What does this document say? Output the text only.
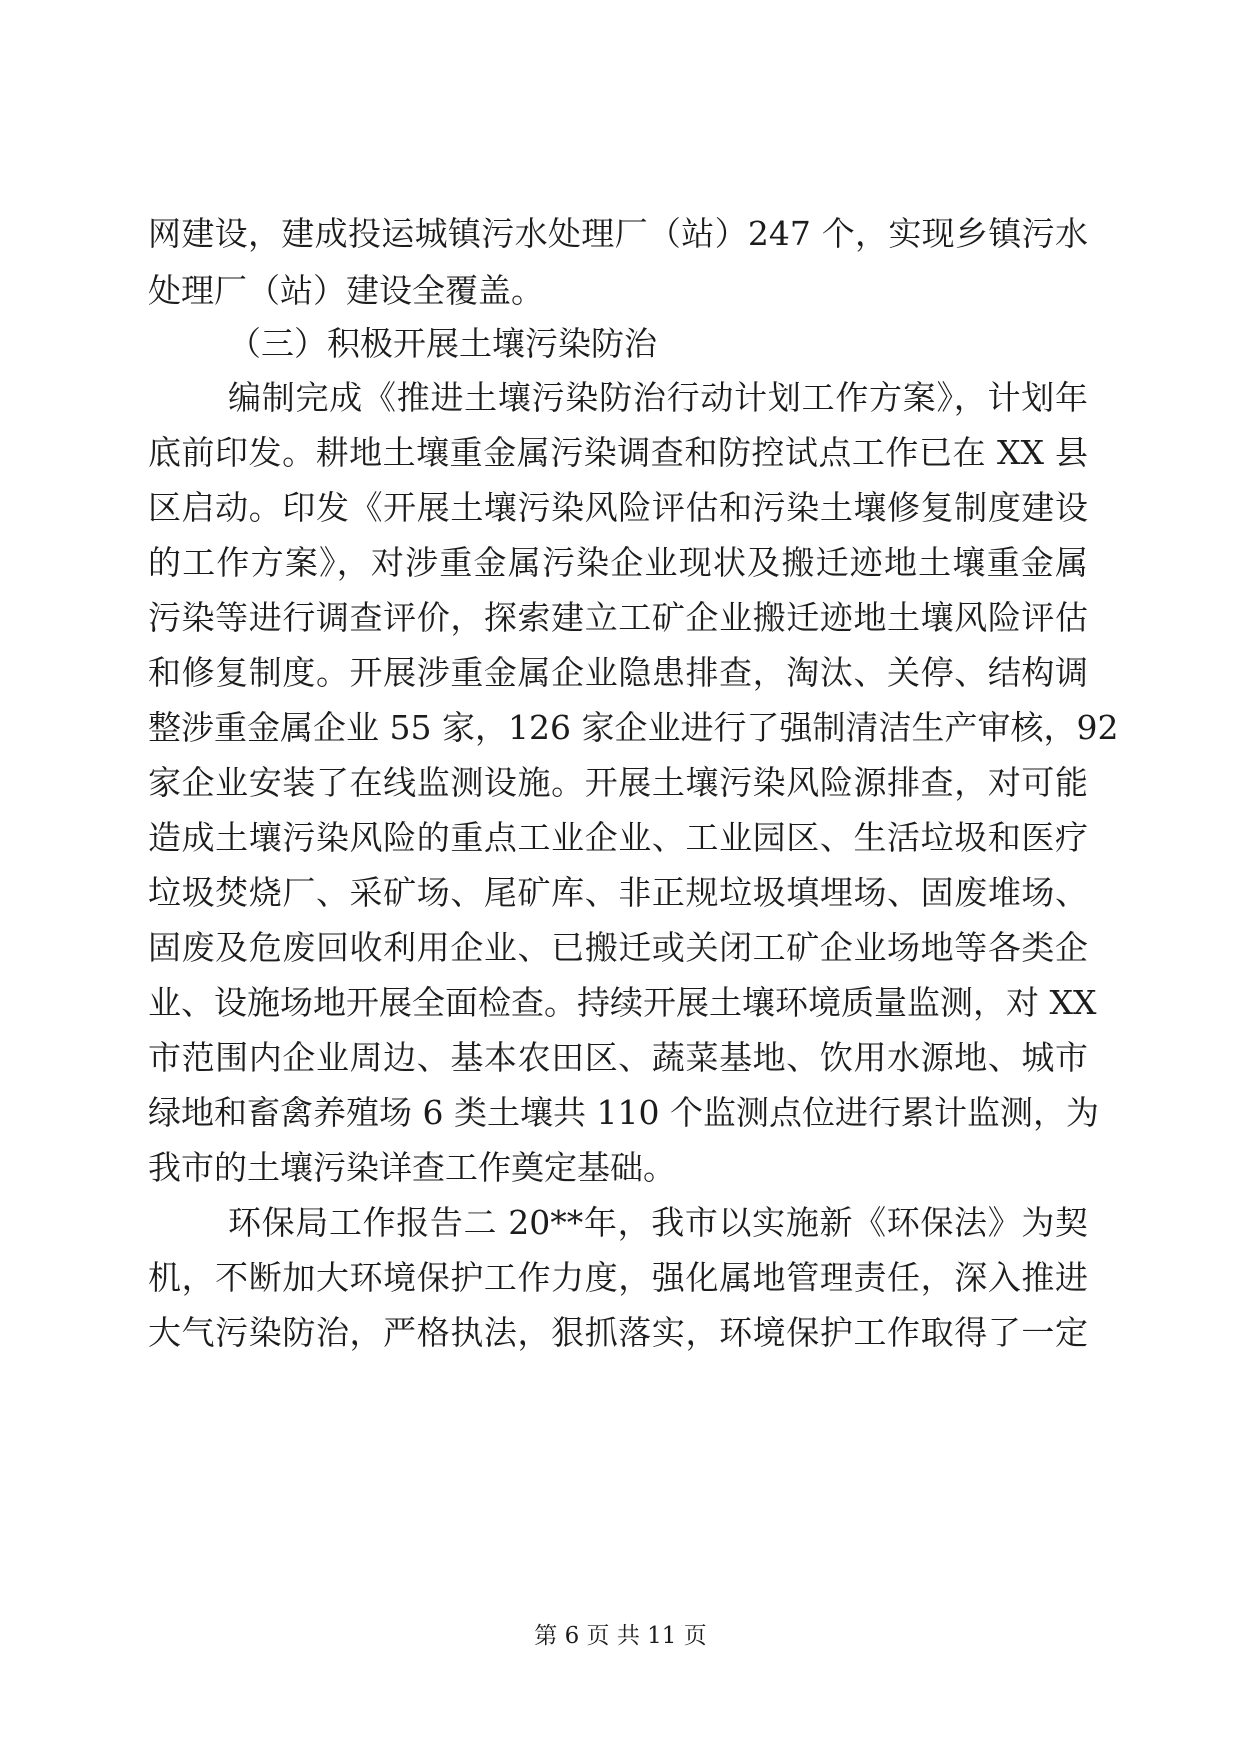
网建设，建成投运城镇污水处理厂（站）247 个，实现乡镇污水
处理厂（站）建设全覆盖。
（三）积极开展土壤污染防治
编制完成《推进土壤污染防治行动计划工作方案》，计划年
底前印发。耕地土壤重金属污染调查和防控试点工作已在 XX 县
区启动。印发《开展土壤污染风险评估和污染土壤修复制度建设
的工作方案》，对涉重金属污染企业现状及搬迁迹地土壤重金属
污染等进行调查评价，探索建立工矿企业搬迁迹地土壤风险评估
和修复制度。开展涉重金属企业隐患排查，淘汰、关停、结构调
整涉重金属企业 55 家，126 家企业进行了强制清洁生产审核，92
家企业安装了在线监测设施。开展土壤污染风险源排查，对可能
造成土壤污染风险的重点工业企业、工业园区、生活垃圾和医疗
垃圾焚烧厂、采矿场、尾矿库、非正规垃圾填埋场、固废堆场、
固废及危废回收利用企业、已搬迁或关闭工矿企业场地等各类企
业、设施场地开展全面检查。持续开展土壤环境质量监测，对 XX
市范围内企业周边、基本农田区、蔬菜基地、饮用水源地、城市
绿地和畜禽养殖场 6 类土壤共 110 个监测点位进行累计监测，为
我市的土壤污染详查工作奠定基础。
环保局工作报告二 20**年，我市以实施新《环保法》为契
机，不断加大环境保护工作力度，强化属地管理责任，深入推进
大气污染防治，严格执法，狠抓落实，环境保护工作取得了一定
第 6 页 共 11 页
